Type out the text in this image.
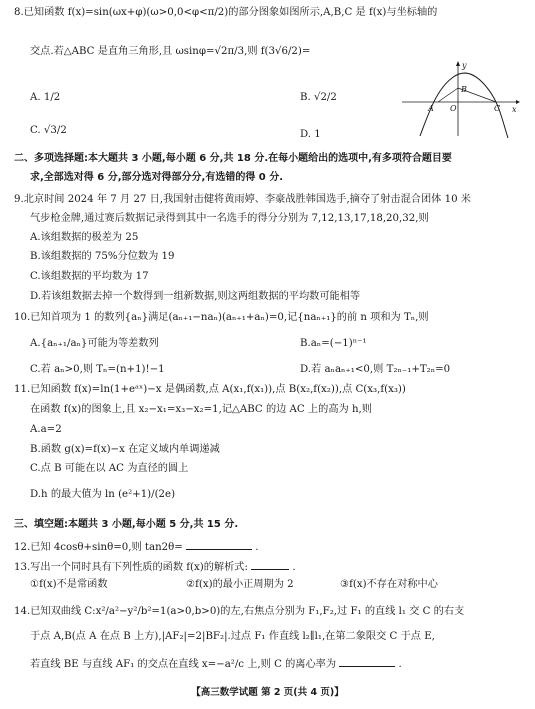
8.已知函数 f(x)=sin(ωx+φ)(ω>0,0<φ<π/2)的部分图象如图所示,A,B,C 是 f(x)与坐标轴的
交点.若△ABC 是直角三角形,且 ωsinφ=√2π/3,则 f(3√6/2)=
A. 1/2	B. √2/2
C. √3/2	D. 1
A O
B
C x
y
二、多项选择题:本大题共 3 小题,每小题 6 分,共 18 分.在每小题给出的选项中,有多项符合题目要
求,全部选对得 6 分,部分选对得部分分,有选错的得 0 分.
9.北京时间 2024 年 7 月 27 日,我国射击健将黄雨婷、李豪战胜韩国选手,摘夺了射击混合团体 10 米
气步枪金牌,通过赛后数据记录得到其中一名选手的得分分别为 7,12,13,17,18,20,32,则
A.该组数据的极差为 25
B.该组数据的 75%分位数为 19
C.该组数据的平均数为 17
D.若该组数据去掉一个数得到一组新数据,则这两组数据的平均数可能相等
10.已知首项为 1 的数列{aₙ}满足(aₙ₊₁−naₙ)(aₙ₊₁+aₙ)=0,记{naₙ₊₁}的前 n 项和为 Tₙ,则
A.{aₙ₊₁/aₙ}可能为等差数列	B.aₙ=(−1)ⁿ⁻¹
C.若 aₙ>0,则 Tₙ=(n+1)!−1	D.若 aₙaₙ₊₁<0,则 T₂ₙ₋₁+T₂ₙ=0
11.已知函数 f(x)=ln(1+eᵃˣ)−x 是偶函数,点 A(x₁,f(x₁)),点 B(x₂,f(x₂)),点 C(x₃,f(x₃))
在函数 f(x)的图象上,且 x₂−x₁=x₃−x₂=1,记△ABC 的边 AC 上的高为 h,则
A.a=2
B.函数 g(x)=f(x)−x 在定义域内单调递减
C.点 B 可能在以 AC 为直径的圆上
D.h 的最大值为 ln (e²+1)/(2e)
三、填空题:本题共 3 小题,每小题 5 分,共 15 分.
12.已知 4cosθ+sinθ=0,则 tan2θ=	.
13.写出一个同时具有下列性质的函数 f(x)的解析式:	.
①f(x)不是常函数	②f(x)的最小正周期为 2	③f(x)不存在对称中心
14.已知双曲线 C:x²/a²−y²/b²=1(a>0,b>0)的左,右焦点分别为 F₁,F₂,过 F₁ 的直线 l₁ 交 C 的右支
于点 A,B(点 A 在点 B 上方),|AF₂|=2|BF₂|.过点 F₁ 作直线 l₂∥l₁,在第二象限交 C 于点 E,
若直线 BE 与直线 AF₁ 的交点在直线 x=−a²/c 上,则 C 的离心率为	.
【高三数学试题 第 2 页(共 4 页)】
